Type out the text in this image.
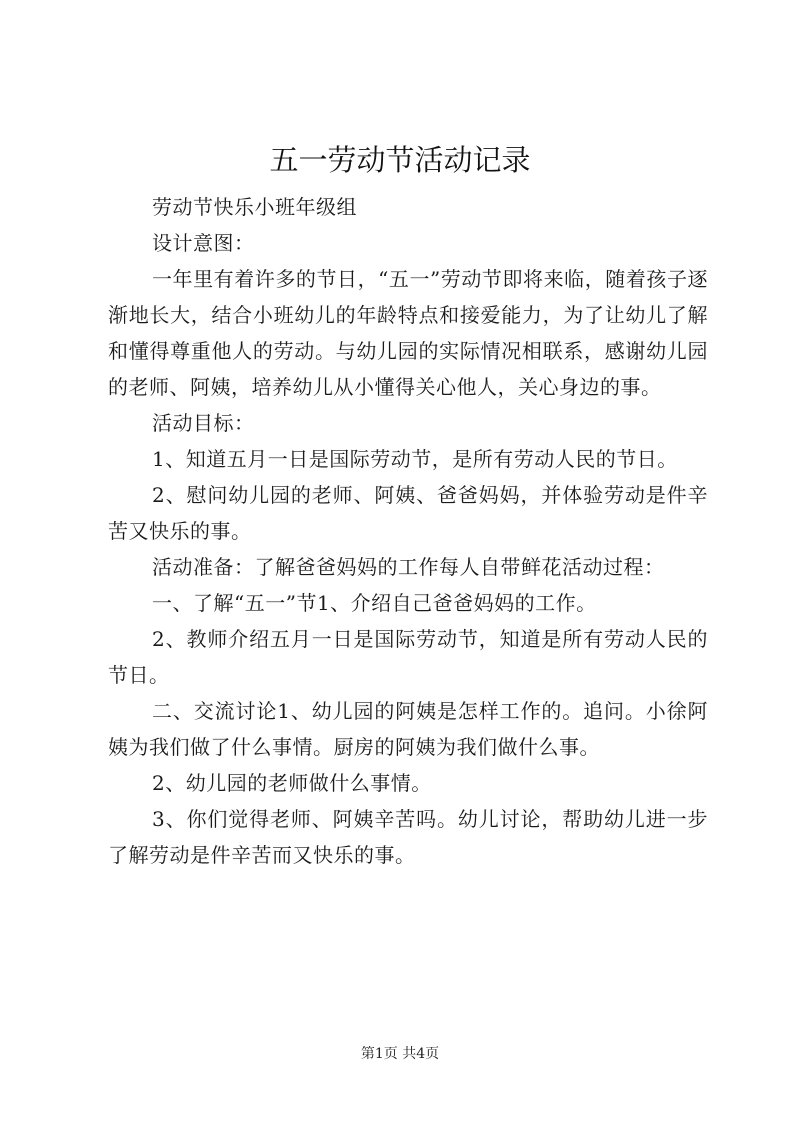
五一劳动节活动记录

劳动节快乐小班年级组

设计意图：

一年里有着许多的节日，“五一”劳动节即将来临，随着孩子逐渐地长大，结合小班幼儿的年龄特点和接爱能力，为了让幼儿了解和懂得尊重他人的劳动。与幼儿园的实际情况相联系，感谢幼儿园的老师、阿姨，培养幼儿从小懂得关心他人，关心身边的事。

活动目标：

1、知道五月一日是国际劳动节，是所有劳动人民的节日。

2、慰问幼儿园的老师、阿姨、爸爸妈妈，并体验劳动是件辛苦又快乐的事。

活动准备：了解爸爸妈妈的工作每人自带鲜花活动过程：

一、了解“五一”节1、介绍自己爸爸妈妈的工作。

2、教师介绍五月一日是国际劳动节，知道是所有劳动人民的节日。

二、交流讨论1、幼儿园的阿姨是怎样工作的。追问。小徐阿姨为我们做了什么事情。厨房的阿姨为我们做什么事。

2、幼儿园的老师做什么事情。

3、你们觉得老师、阿姨辛苦吗。幼儿讨论，帮助幼儿进一步了解劳动是件辛苦而又快乐的事。

第1页 共4页
